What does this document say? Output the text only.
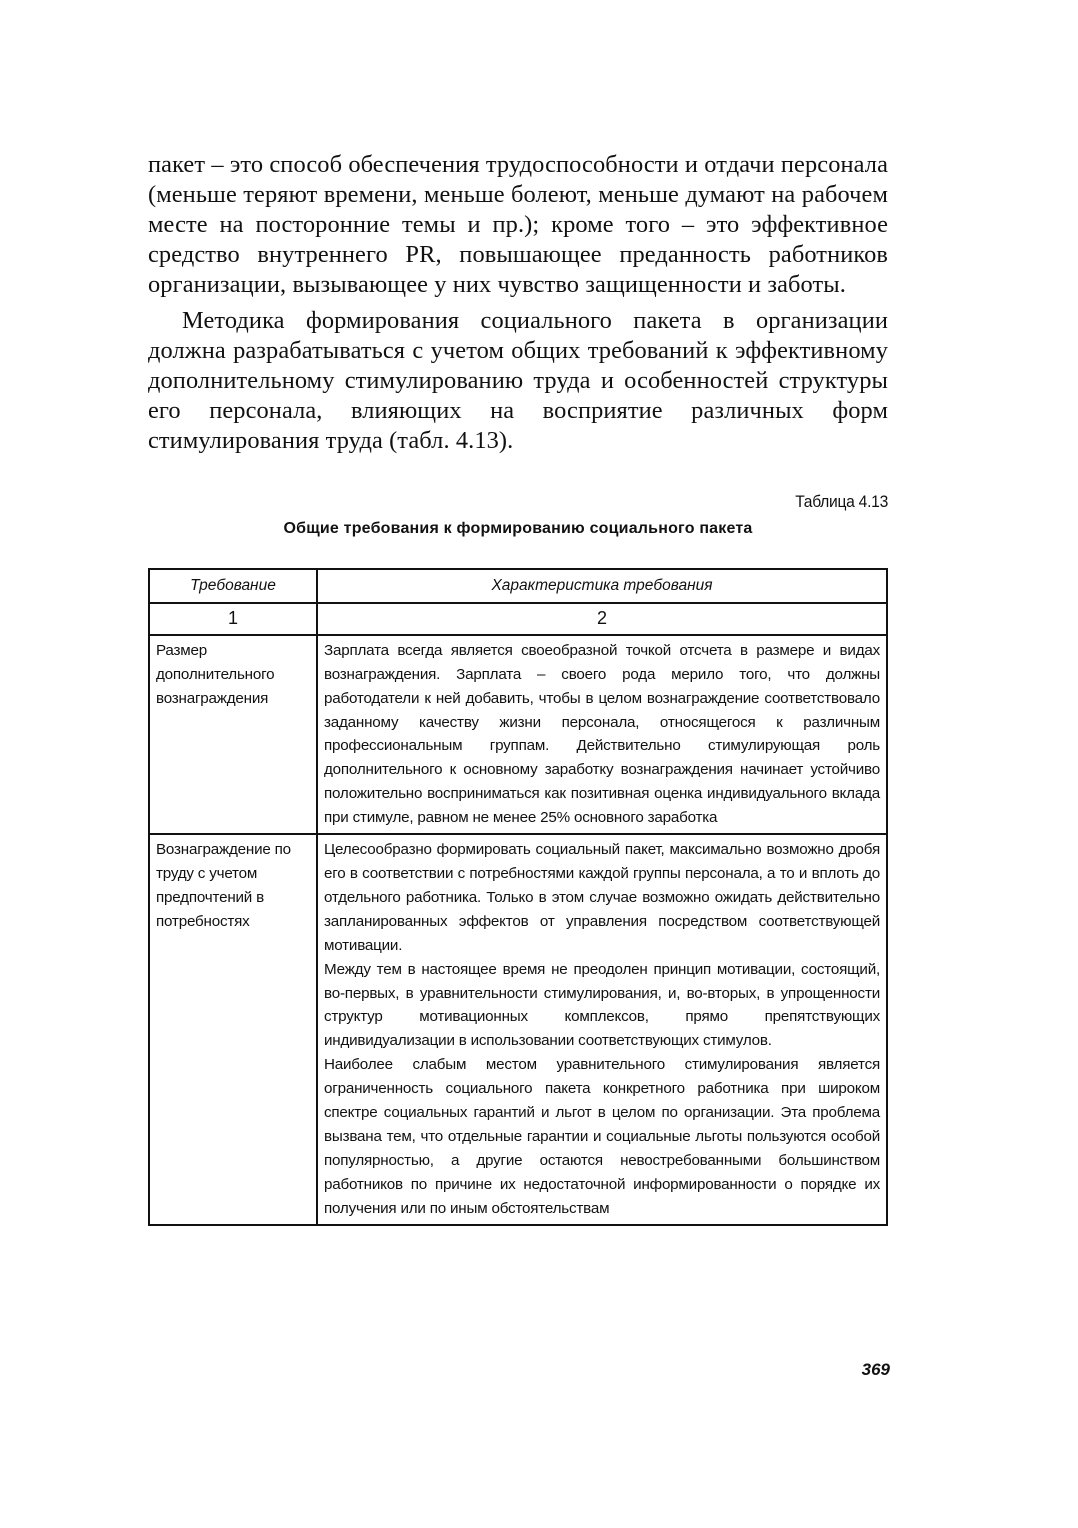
пакет – это способ обеспечения трудоспособности и отдачи персонала (меньше теряют времени, меньше болеют, меньше думают на рабочем месте на посторонние темы и пр.); кроме того – это эффективное средство внутреннего PR, повышающее преданность работников организации, вызывающее у них чувство защищенности и заботы.

Методика формирования социального пакета в организации должна разрабатываться с учетом общих требований к эффективному дополнительному стимулированию труда и особенностей структуры его персонала, влияющих на восприятие различных форм стимулирования труда (табл. 4.13).

Таблица 4.13
Общие требования к формированию социального пакета
Требование	Характеристика требования
1	2
Размер дополнительного вознаграждения	Зарплата всегда является своеобразной точкой отсчета в размере и видах вознаграждения. Зарплата – своего рода мерило того, что должны работодатели к ней добавить, чтобы в целом вознаграждение соответствовало заданному качеству жизни персонала, относящегося к различным профессиональным группам. Действительно стимулирующая роль дополнительного к основному заработку вознаграждения начинает устойчиво положительно восприниматься как позитивная оценка индивидуального вклада при стимуле, равном не менее 25% основного заработка

Вознаграждение по труду с учетом предпочтений в потребностях	Целесообразно формировать социальный пакет, максимально возможно дробя его в соответствии с потребностями каждой группы персонала, а то и вплоть до отдельного работника. Только в этом случае возможно ожидать действительно запланированных эффектов от управления посредством соответствующей мотивации.

Между тем в настоящее время не преодолен принцип мотивации, состоящий, во-первых, в уравнительности стимулирования, и, во-вторых, в упрощенности структур мотивационных комплексов, прямо препятствующих индивидуализации в использовании соответствующих стимулов.

Наиболее слабым местом уравнительного стимулирования является ограниченность социального пакета конкретного работника при широком спектре социальных гарантий и льгот в целом по организации. Эта проблема вызвана тем, что отдельные гарантии и социальные льготы пользуются особой популярностью, а другие остаются невостребованными большинством работников по причине их недостаточной информированности о порядке их получения или по иным обстоятельствам

369
